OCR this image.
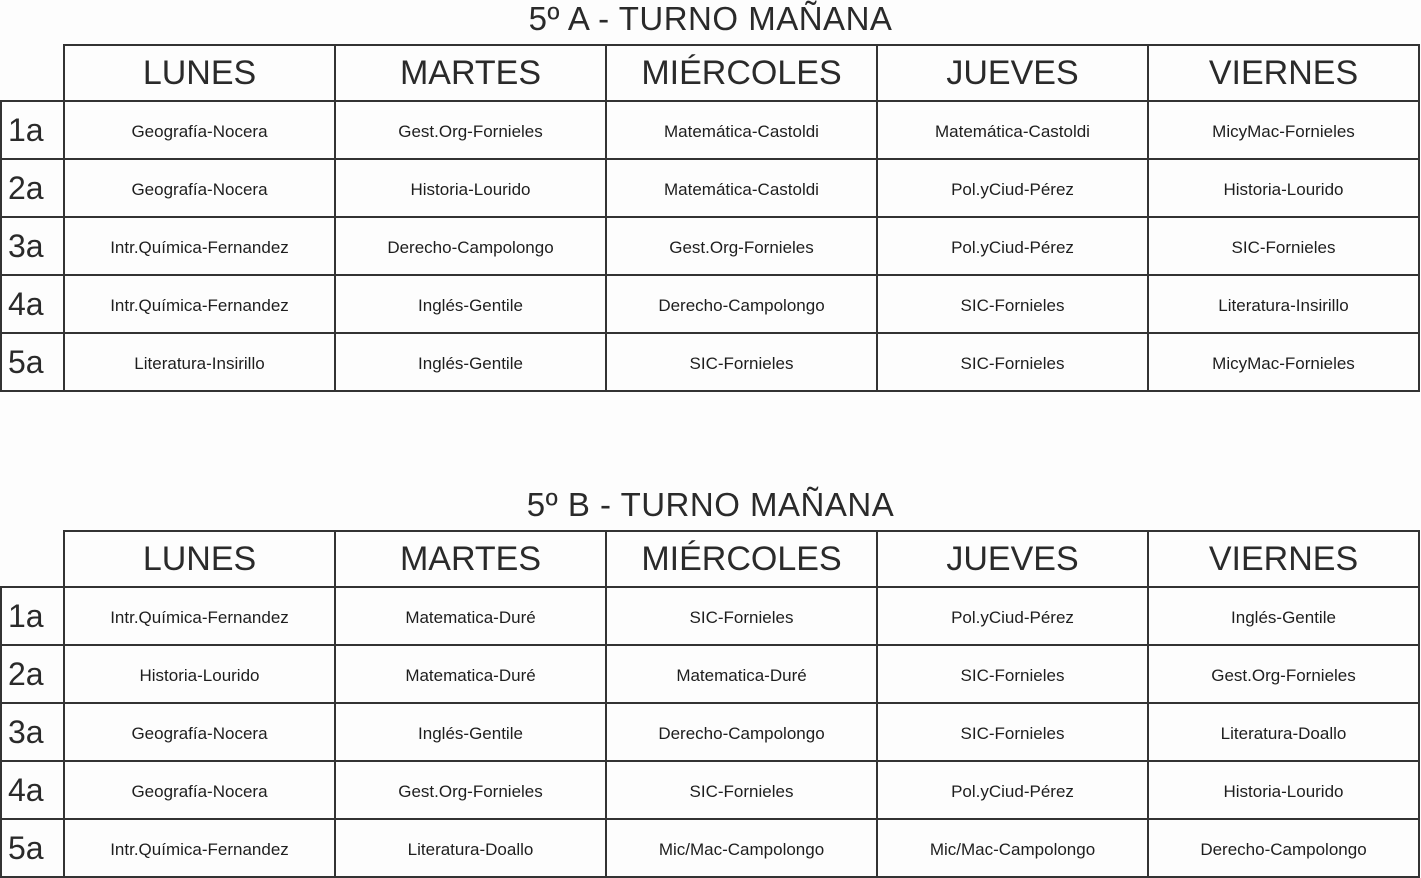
5º A - TURNO MAÑANA
	LUNES	MARTES	MIÉRCOLES	JUEVES	VIERNES
1a	Geografía-Nocera	Gest.Org-Fornieles	Matemática-Castoldi	Matemática-Castoldi	MicyMac-Fornieles
2a	Geografía-Nocera	Historia-Lourido	Matemática-Castoldi	Pol.yCiud-Pérez	Historia-Lourido
3a	Intr.Química-Fernandez	Derecho-Campolongo	Gest.Org-Fornieles	Pol.yCiud-Pérez	SIC-Fornieles
4a	Intr.Química-Fernandez	Inglés-Gentile	Derecho-Campolongo	SIC-Fornieles	Literatura-Insirillo
5a	Literatura-Insirillo	Inglés-Gentile	SIC-Fornieles	SIC-Fornieles	MicyMac-Fornieles
5º B - TURNO MAÑANA
	LUNES	MARTES	MIÉRCOLES	JUEVES	VIERNES
1a	Intr.Química-Fernandez	Matematica-Duré	SIC-Fornieles	Pol.yCiud-Pérez	Inglés-Gentile
2a	Historia-Lourido	Matematica-Duré	Matematica-Duré	SIC-Fornieles	Gest.Org-Fornieles
3a	Geografía-Nocera	Inglés-Gentile	Derecho-Campolongo	SIC-Fornieles	Literatura-Doallo
4a	Geografía-Nocera	Gest.Org-Fornieles	SIC-Fornieles	Pol.yCiud-Pérez	Historia-Lourido
5a	Intr.Química-Fernandez	Literatura-Doallo	Mic/Mac-Campolongo	Mic/Mac-Campolongo	Derecho-Campolongo
